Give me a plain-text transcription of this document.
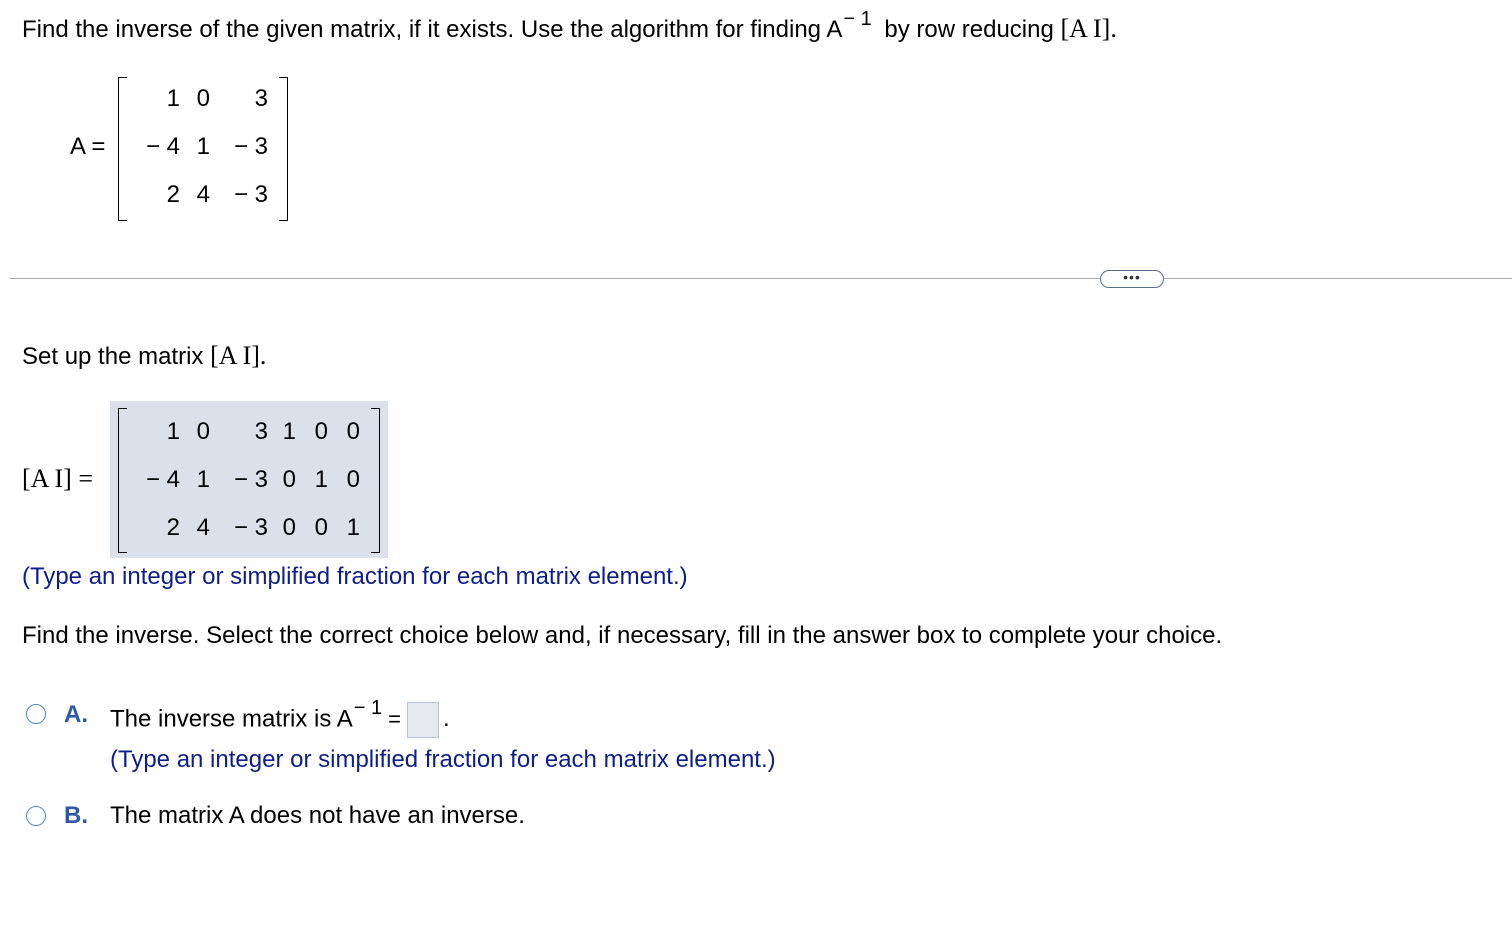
Find the inverse of the given matrix, if it exists. Use the algorithm for finding $A^{- 1}$ by row reducing [A I].
A =
1	0	3
− 4	1	− 3
2	4	− 3
•••
Set up the matrix [A I].
[A I] =
1	0	3	1	0	0
− 4	1	− 3	0	1	0
2	4	− 3	0	0	1
(Type an integer or simplified fraction for each matrix element.)
Find the inverse. Select the correct choice below and, if necessary, fill in the answer box to complete your choice.
A. The inverse matrix is $A^{- 1}$ = .
(Type an integer or simplified fraction for each matrix element.)
B. The matrix A does not have an inverse.
